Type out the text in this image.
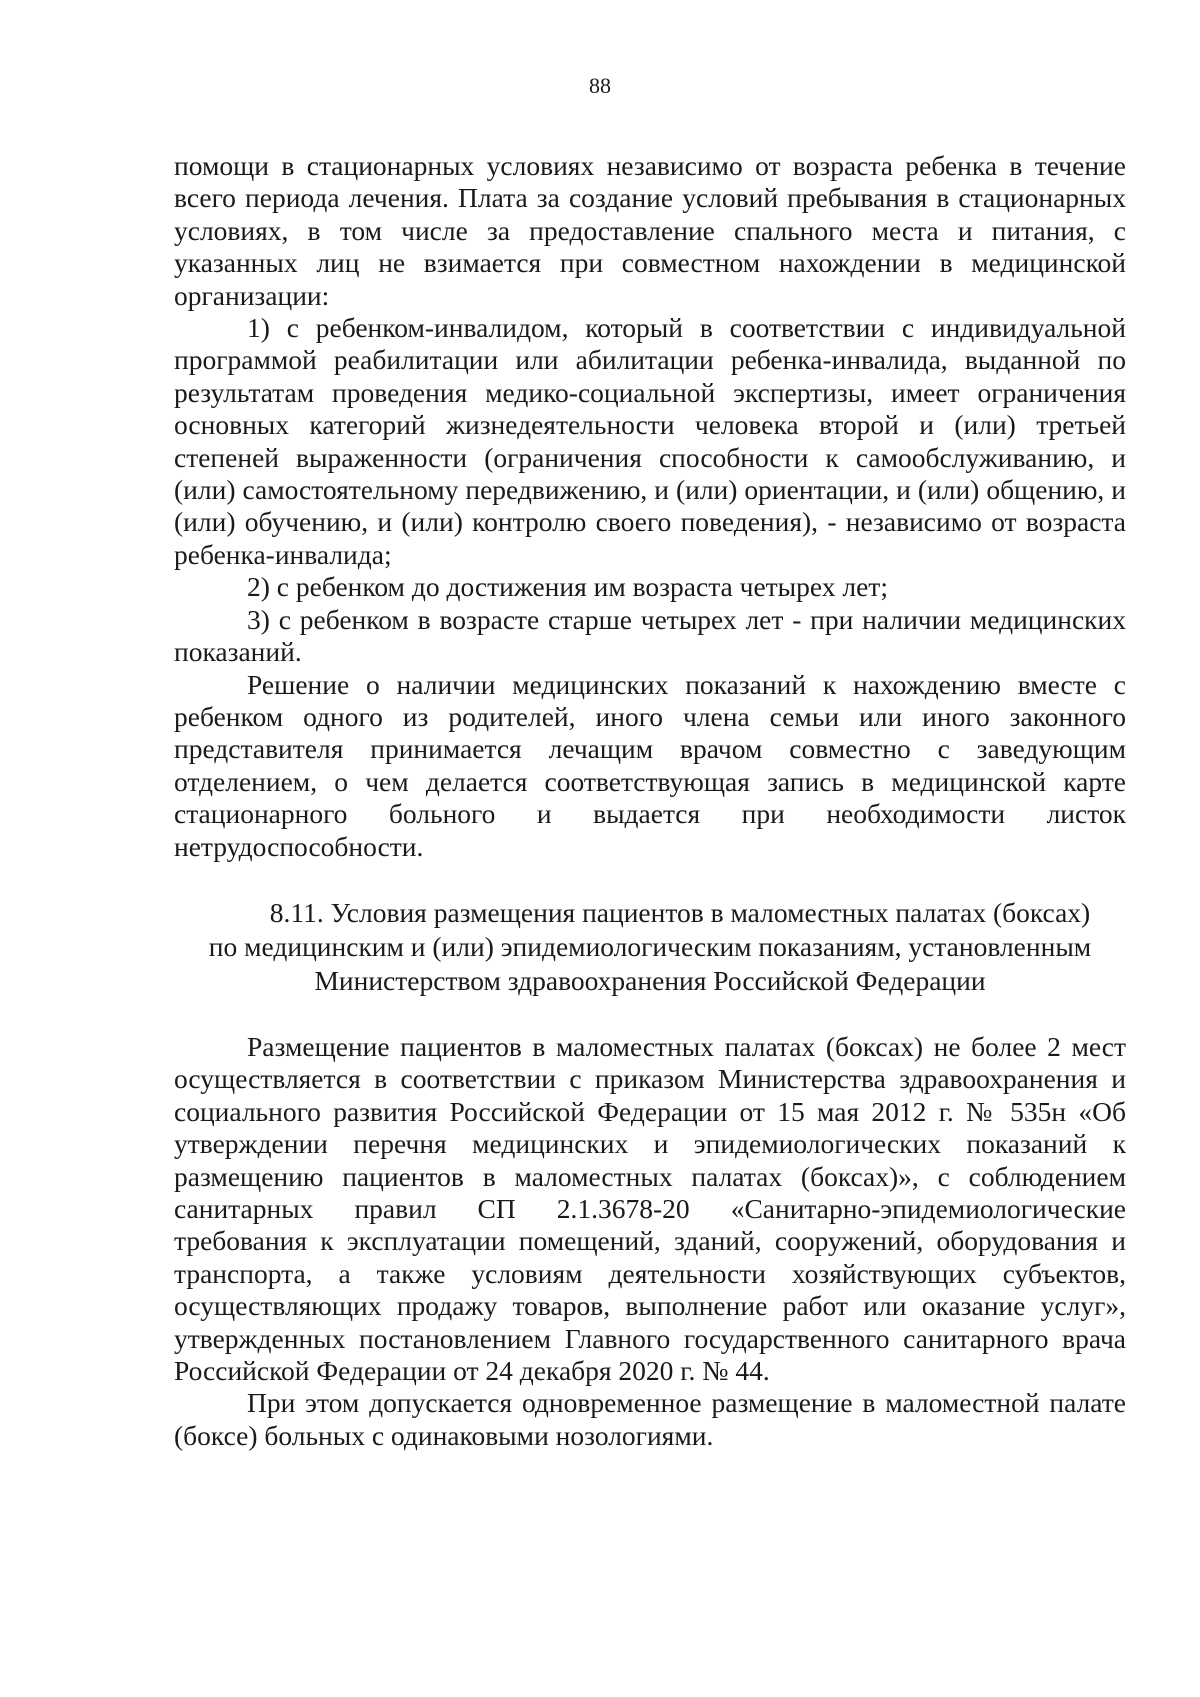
88

помощи в стационарных условиях независимо от возраста ребенка в течение всего периода лечения. Плата за создание условий пребывания в стационарных условиях, в том числе за предоставление спального места и питания, с указанных лиц не взимается при совместном нахождении в медицинской организации:

1) с ребенком-инвалидом, который в соответствии с индивидуальной программой реабилитации или абилитации ребенка-инвалида, выданной по результатам проведения медико-социальной экспертизы, имеет ограничения основных категорий жизнедеятельности человека второй и (или) третьей степеней выраженности (ограничения способности к самообслуживанию, и (или) самостоятельному передвижению, и (или) ориентации, и (или) общению, и (или) обучению, и (или) контролю своего поведения), - независимо от возраста ребенка-инвалида;

2) с ребенком до достижения им возраста четырех лет;

3) с ребенком в возрасте старше четырех лет - при наличии медицинских показаний.

Решение о наличии медицинских показаний к нахождению вместе с ребенком одного из родителей, иного члена семьи или иного законного представителя принимается лечащим врачом совместно с заведующим отделением, о чем делается соответствующая запись в медицинской карте стационарного больного и выдается при необходимости листок нетрудоспособности.

8.11. Условия размещения пациентов в маломестных палатах (боксах)
по медицинским и (или) эпидемиологическим показаниям, установленным
Министерством здравоохранения Российской Федерации

Размещение пациентов в маломестных палатах (боксах) не более 2 мест осуществляется в соответствии с приказом Министерства здравоохранения и социального развития Российской Федерации от 15 мая 2012 г. № 535н «Об утверждении перечня медицинских и эпидемиологических показаний к размещению пациентов в маломестных палатах (боксах)», с соблюдением санитарных правил СП 2.1.3678-20 «Санитарно-эпидемиологические требования к эксплуатации помещений, зданий, сооружений, оборудования и транспорта, а также условиям деятельности хозяйствующих субъектов, осуществляющих продажу товаров, выполнение работ или оказание услуг», утвержденных постановлением Главного государственного санитарного врача Российской Федерации от 24 декабря 2020 г. № 44.

При этом допускается одновременное размещение в маломестной палате (боксе) больных с одинаковыми нозологиями.
